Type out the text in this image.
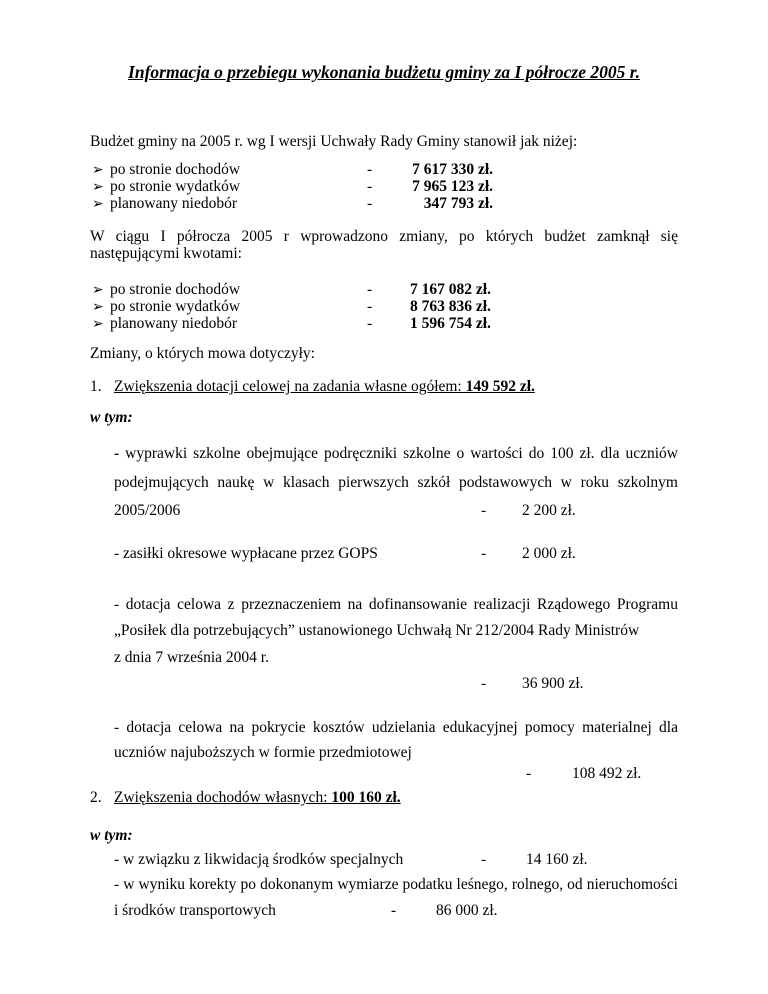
Informacja o przebiegu wykonania budżetu gminy za I półrocze 2005 r.
Budżet gminy na 2005 r. wg I wersji Uchwały Rady Gminy stanowił jak niżej:
➢ po stronie dochodów	-	7 617 330 zł.
➢ po stronie wydatków	-	7 965 123 zł.
➢ planowany niedobór	-	347 793 zł.
W ciągu I półrocza 2005 r wprowadzono zmiany, po których budżet zamknął się
następującymi kwotami:
➢ po stronie dochodów	- 7 167 082 zł.
➢ po stronie wydatków	- 8 763 836 zł.
➢ planowany niedobór	- 1 596 754 zł.
Zmiany, o których mowa dotyczyły:
1. Zwiększenia dotacji celowej na zadania własne ogółem: 149 592 zł.
w tym:
- wyprawki szkolne obejmujące podręczniki szkolne o wartości do 100 zł. dla uczniów
podejmujących naukę w klasach pierwszych szkół podstawowych w roku szkolnym
2005/2006	- 2 200 zł.
- zasiłki okresowe wypłacane przez GOPS	- 2 000 zł.
- dotacja celowa z przeznaczeniem na dofinansowanie realizacji Rządowego Programu
„Posiłek dla potrzebujących” ustanowionego Uchwałą Nr 212/2004 Rady Ministrów
z dnia 7 września 2004 r.
- 36 900 zł.
- dotacja celowa na pokrycie kosztów udzielania edukacyjnej pomocy materialnej dla
uczniów najuboższych w formie przedmiotowej
-	108 492 zł.
2. Zwiększenia dochodów własnych: 100 160 zł.
w tym:
- w związku z likwidacją środków specjalnych	-	14 160 zł.
- w wyniku korekty po dokonanym wymiarze podatku leśnego, rolnego, od nieruchomości
i środków transportowych	-	86 000 zł.
